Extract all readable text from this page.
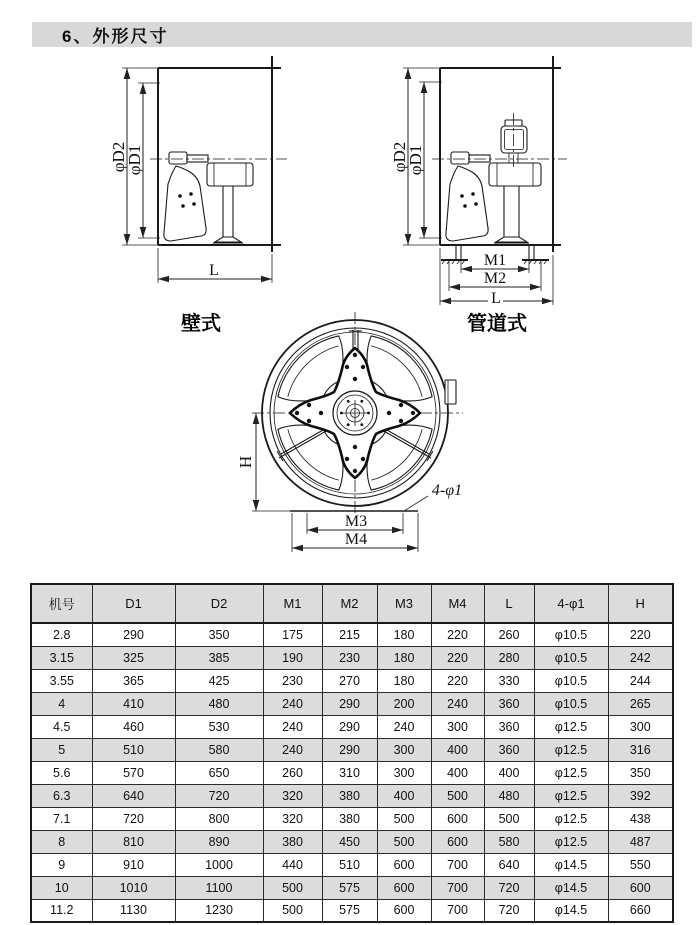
6、外形尺寸
φD2
φD1
L
壁式
φD2
φD1
M1
M2
L
管道式
H
M3
M4
4-φ1
机号	D1	D2	M1	M2	M3	M4	L	4-φ1	H
2.8	290	350	175	215	180	220	260	φ10.5	220
3.15	325	385	190	230	180	220	280	φ10.5	242
3.55	365	425	230	270	180	220	330	φ10.5	244
4	410	480	240	290	200	240	360	φ10.5	265
4.5	460	530	240	290	240	300	360	φ12.5	300
5	510	580	240	290	300	400	360	φ12.5	316
5.6	570	650	260	310	300	400	400	φ12.5	350
6.3	640	720	320	380	400	500	480	φ12.5	392
7.1	720	800	320	380	500	600	500	φ12.5	438
8	810	890	380	450	500	600	580	φ12.5	487
9	910	1000	440	510	600	700	640	φ14.5	550
10	1010	1100	500	575	600	700	720	φ14.5	600
11.2	1130	1230	500	575	600	700	720	φ14.5	660
